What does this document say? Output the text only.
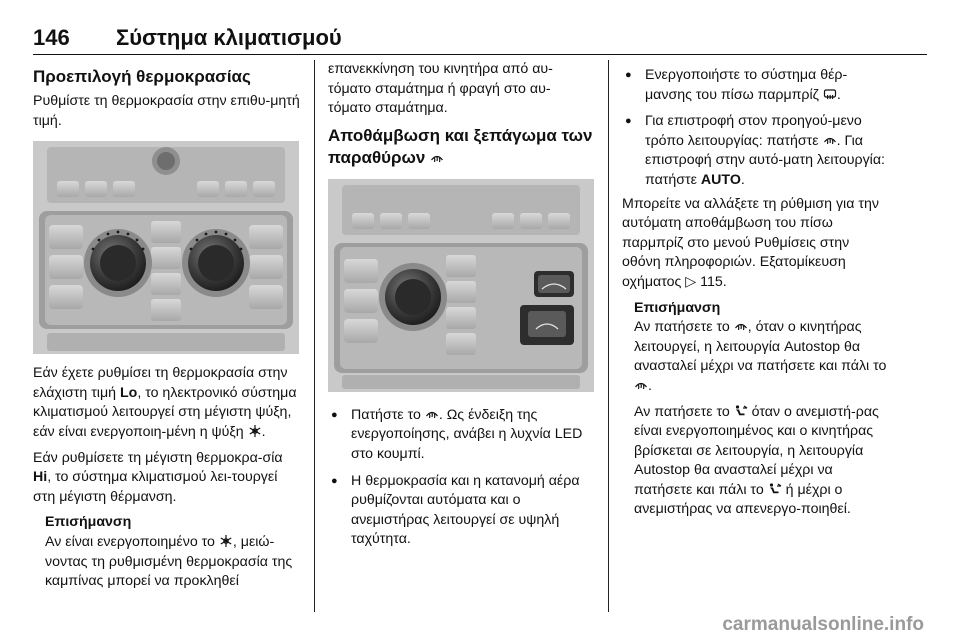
146 Σύστημα κλιματισμού
Προεπιλογή θερμοκρασίας

Ρυθμίστε τη θερμοκρασία στην επιθυ-μητή τιμή.

Εάν έχετε ρυθμίσει τη θερμοκρασία στην ελάχιστη τιμή Lo, το ηλεκτρονικό σύστημα κλιματισμού λειτουργεί στη μέγιστη ψύξη, εάν είναι ενεργοποιη-μένη η ψύξη
.

Εάν ρυθμίσετε τη μέγιστη θερμοκρα-σία Hi, το σύστημα κλιματισμού λει-τουργεί στη μέγιστη θέρμανση.

Επισήμανση

Αν είναι ενεργοποιημένο το
, μειώ-νοντας τη ρυθμισμένη θερμοκρασία της καμπίνας μπορεί να προκληθεί

επανεκκίνηση του κινητήρα από αυ-τόματο σταμάτημα ή φραγή στο αυ-τόματο σταμάτημα.

Αποθάμβωση και ξεπάγωμα των παραθύρων
● Πατήστε το
. Ως ένδειξη της ενεργοποίησης, ανάβει η λυχνία LED στο κουμπί.
● Η θερμοκρασία και η κατανομή αέρα ρυθμίζονται αυτόματα και ο ανεμιστήρας λειτουργεί σε υψηλή ταχύτητα.
● Ενεργοποιήστε το σύστημα θέρ-μανσης του πίσω παρμπρίζ
.
● Για επιστροφή στον προηγού-μενο τρόπο λειτουργίας: πατήστε
. Για επιστροφή στην αυτό-ματη λειτουργία: πατήστε AUTO.

Μπορείτε να αλλάξετε τη ρύθμιση για την αυτόματη αποθάμβωση του πίσω παρμπρίζ στο μενού Ρυθμίσεις στην οθόνη πληροφοριών. Εξατομίκευση οχήματος ▷ 115.

Επισήμανση

Αν πατήσετε το
, όταν ο κινητήρας λειτουργεί, η λειτουργία Autostop θα ανασταλεί μέχρι να πατήσετε και πάλι το
.

Αν πατήσετε το
όταν ο ανεμιστή-ρας είναι ενεργοποιημένος και ο κινητήρας βρίσκεται σε λειτουργία, η λειτουργία Autostop θα ανασταλεί μέχρι να πατήσετε και πάλι το
ή μέχρι ο ανεμιστήρας να απενεργο-ποιηθεί.

carmanualsonline.info
